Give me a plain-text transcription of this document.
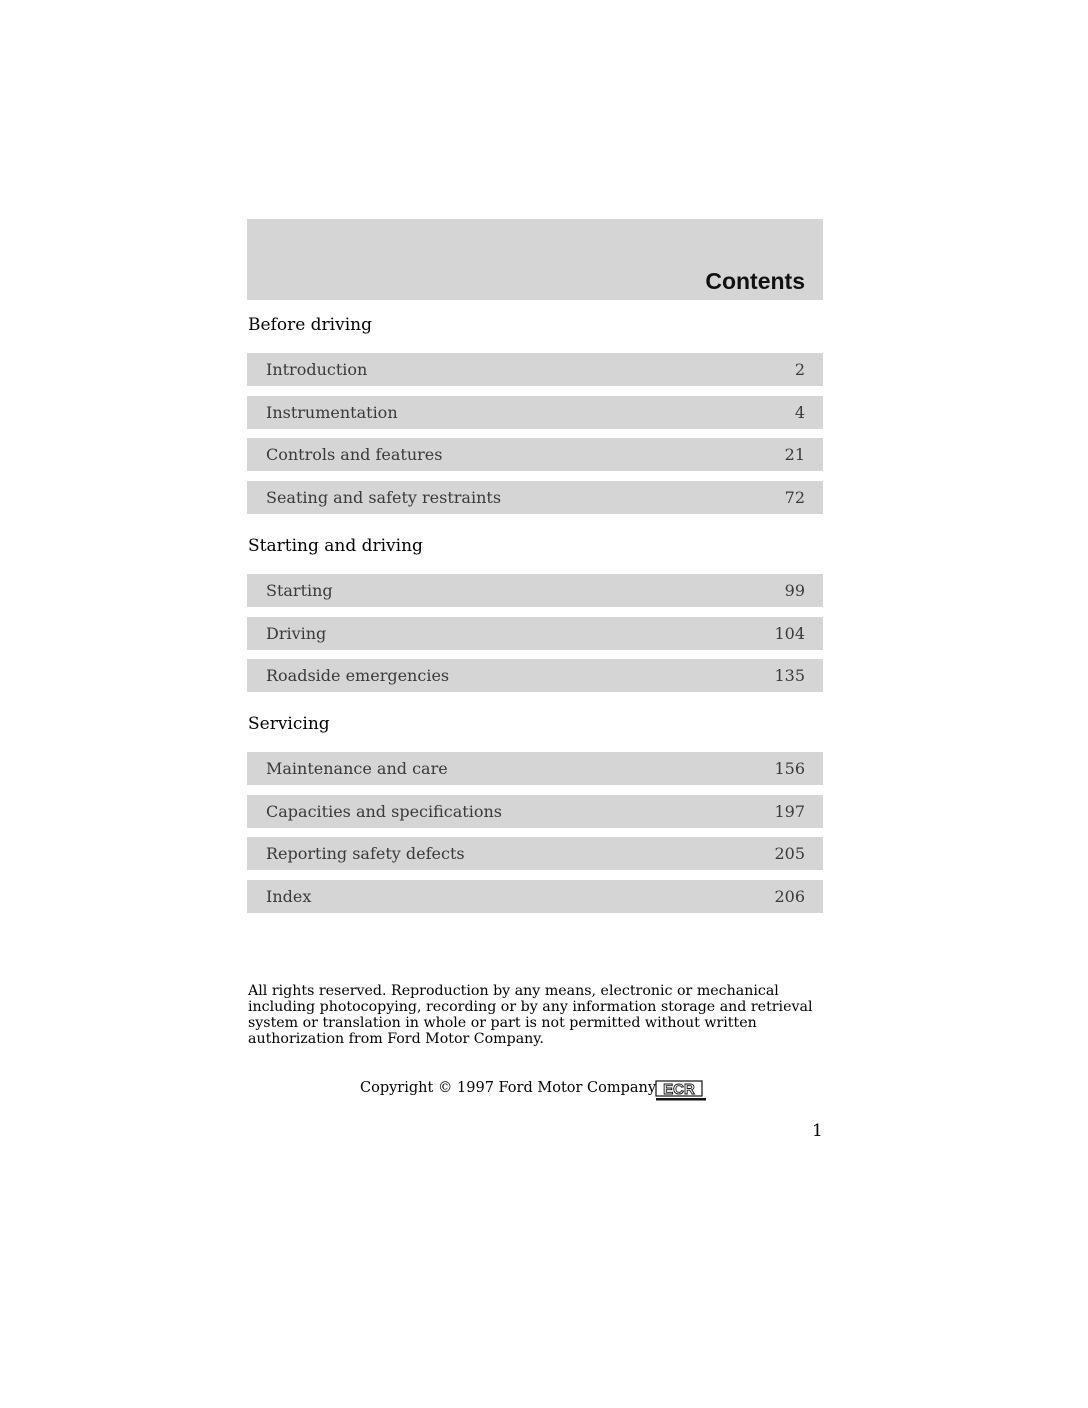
Contents
Before driving
Introduction	2
Instrumentation	4
Controls and features	21
Seating and safety restraints	72
Starting and driving
Starting	99
Driving	104
Roadside emergencies	135
Servicing
Maintenance and care	156
Capacities and specifications	197
Reporting safety defects	205
Index	206
All rights reserved. Reproduction by any means, electronic or mechanical
including photocopying, recording or by any information storage and retrieval
system or translation in whole or part is not permitted without written
authorization from Ford Motor Company.
Copyright © 1997 Ford Motor Company ECR
1
